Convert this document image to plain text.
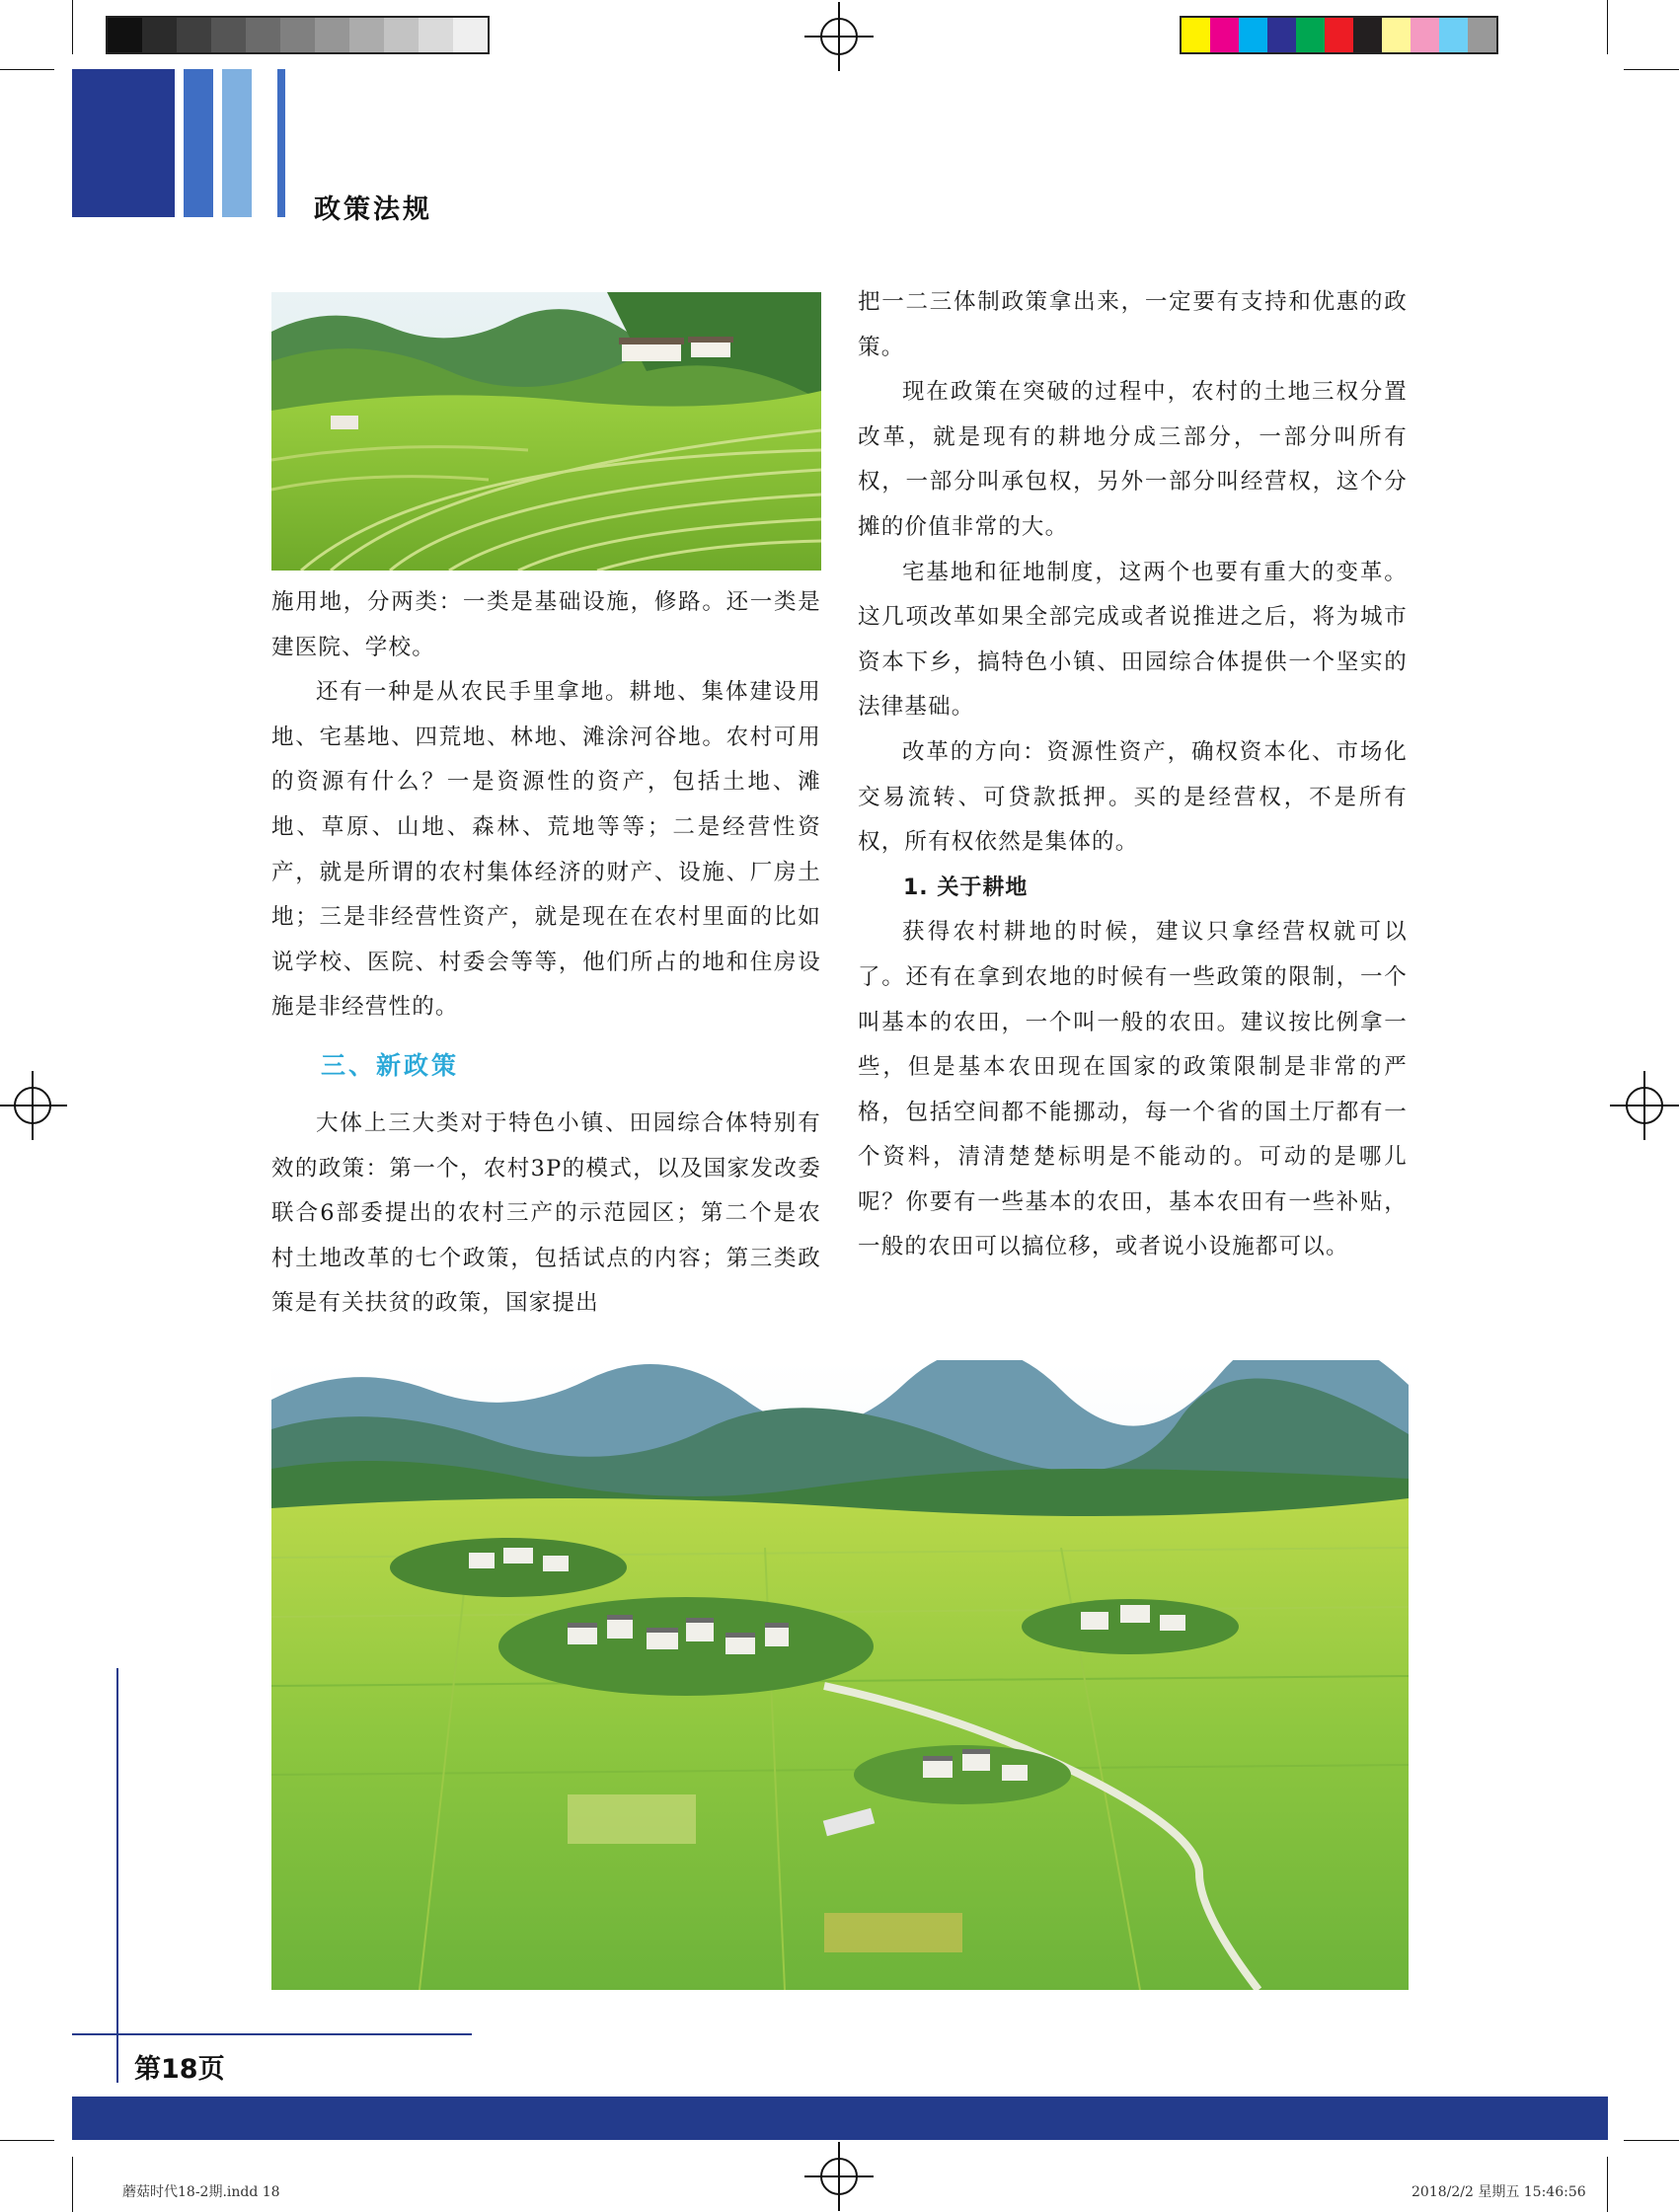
政策法规

施用地，分两类：一类是基础设施，修路。还一类是建医院、学校。

还有一种是从农民手里拿地。耕地、集体建设用地、宅基地、四荒地、林地、滩涂河谷地。农村可用的资源有什么？一是资源性的资产，包括土地、滩地、草原、山地、森林、荒地等等；二是经营性资产，就是所谓的农村集体经济的财产、设施、厂房土地；三是非经营性资产，就是现在在农村里面的比如说学校、医院、村委会等等，他们所占的地和住房设施是非经营性的。

三、新政策

大体上三大类对于特色小镇、田园综合体特别有效的政策：第一个，农村3P的模式，以及国家发改委联合6部委提出的农村三产的示范园区；第二个是农村土地改革的七个政策，包括试点的内容；第三类政策是有关扶贫的政策，国家提出

把一二三体制政策拿出来，一定要有支持和优惠的政策。

现在政策在突破的过程中，农村的土地三权分置改革，就是现有的耕地分成三部分，一部分叫所有权，一部分叫承包权，另外一部分叫经营权，这个分摊的价值非常的大。

宅基地和征地制度，这两个也要有重大的变革。这几项改革如果全部完成或者说推进之后，将为城市资本下乡，搞特色小镇、田园综合体提供一个坚实的法律基础。

改革的方向：资源性资产，确权资本化、市场化交易流转、可贷款抵押。买的是经营权，不是所有权，所有权依然是集体的。

1. 关于耕地

获得农村耕地的时候，建议只拿经营权就可以了。还有在拿到农地的时候有一些政策的限制，一个叫基本的农田，一个叫一般的农田。建议按比例拿一些，但是基本农田现在国家的政策限制是非常的严格，包括空间都不能挪动，每一个省的国土厅都有一个资料，清清楚楚标明是不能动的。可动的是哪儿呢？你要有一些基本的农田，基本农田有一些补贴，一般的农田可以搞位移，或者说小设施都可以。

第18页
蘑菇时代18-2期.indd 18	2018/2/2 星期五 15:46:56
